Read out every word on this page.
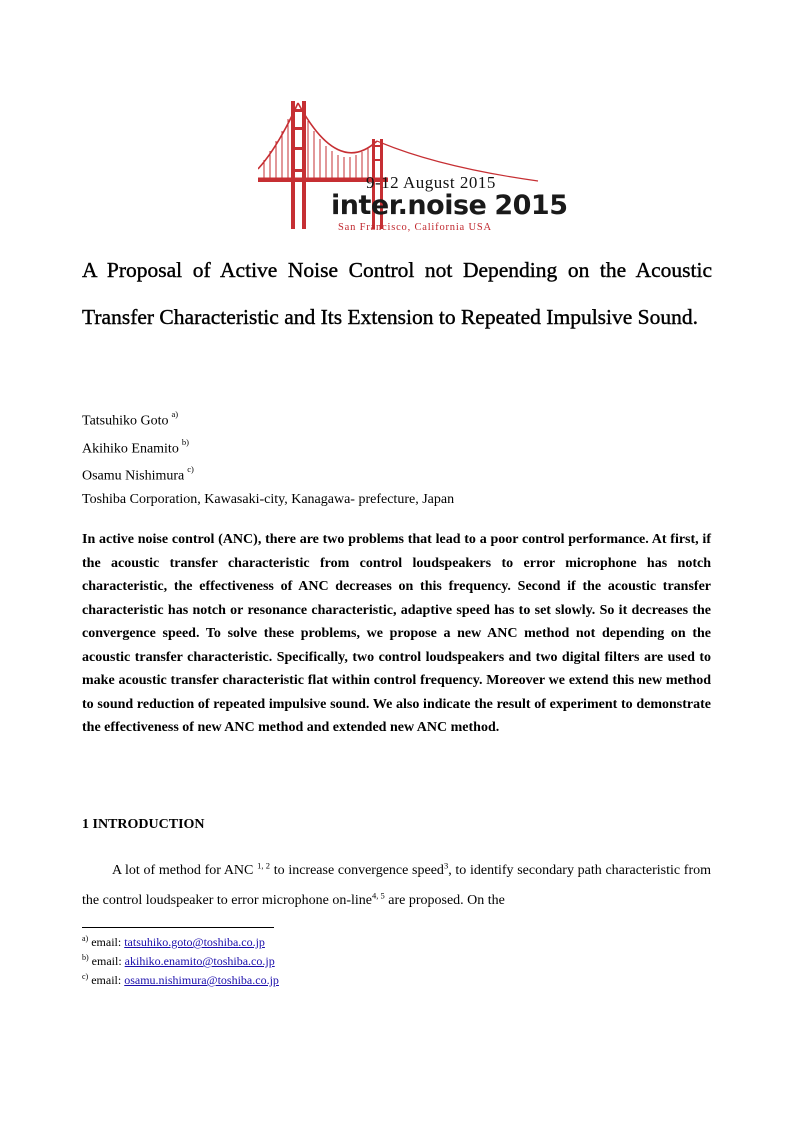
9-12 August 2015
inter.noise 2015
San Francisco, California USA
A Proposal of Active Noise Control not Depending on the Acoustic Transfer Characteristic and Its Extension to Repeated Impulsive Sound.
Tatsuhiko Goto $^{a)}$
Akihiko Enamito $^{b)}$
Osamu Nishimura $^{c)}$
Toshiba Corporation, Kawasaki-city, Kanagawa- prefecture, Japan

In active noise control (ANC), there are two problems that lead to a poor control performance. At first, if the acoustic transfer characteristic from control loudspeakers to error microphone has notch characteristic, the effectiveness of ANC decreases on this frequency. Second if the acoustic transfer characteristic has notch or resonance characteristic, adaptive speed has to set slowly. So it decreases the convergence speed. To solve these problems, we propose a new ANC method not depending on the acoustic transfer characteristic. Specifically, two control loudspeakers and two digital filters are used to make acoustic transfer characteristic flat within control frequency. Moreover we extend this new method to sound reduction of repeated impulsive sound. We also indicate the result of experiment to demonstrate the effectiveness of new ANC method and extended new ANC method.

1 INTRODUCTION

A lot of method for ANC $^{1, 2}$ to increase convergence speed$^3$, to identify secondary path characteristic from the control loudspeaker to error microphone on-line$^{4, 5}$ are proposed. On the

$^{a)}$ email: tatsuhiko.goto@toshiba.co.jp
$^{b)}$ email: akihiko.enamito@toshiba.co.jp
$^{c)}$ email: osamu.nishimura@toshiba.co.jp
